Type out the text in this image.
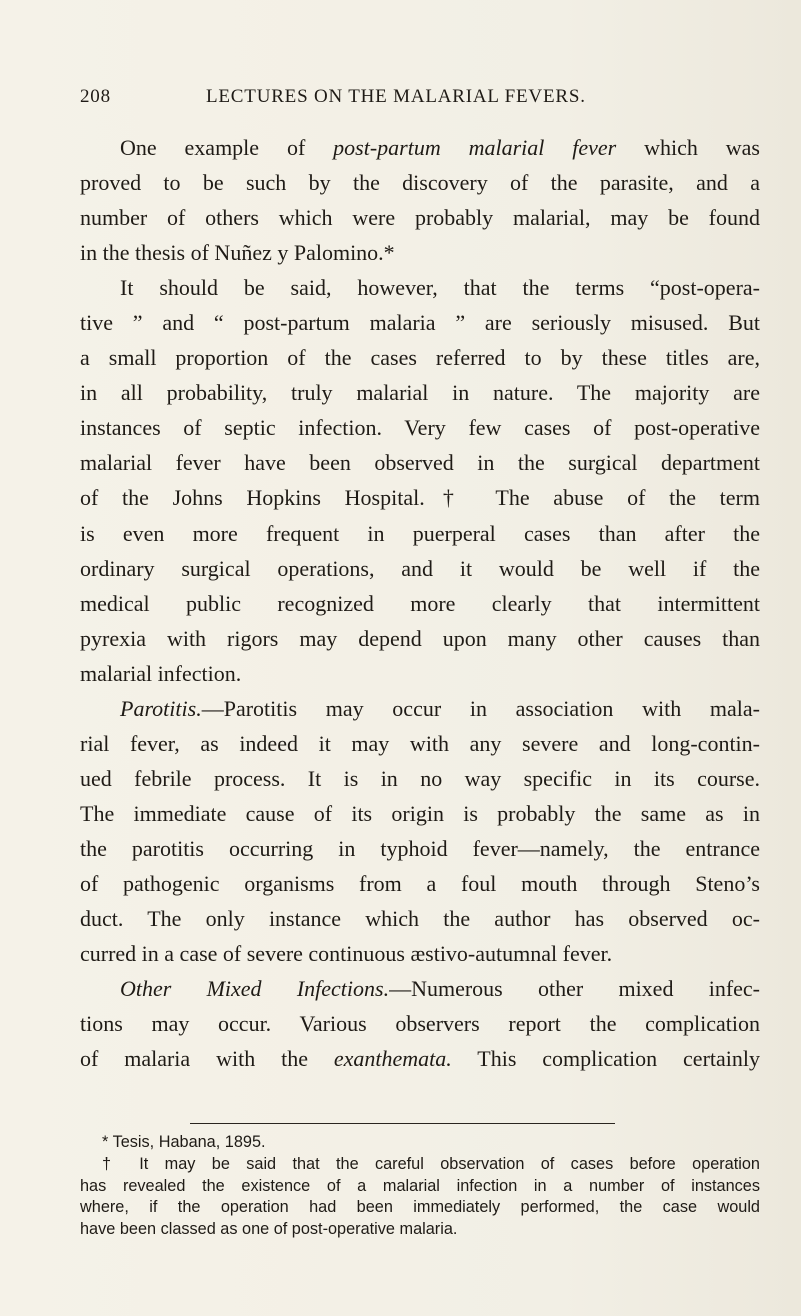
208	LECTURES ON THE MALARIAL FEVERS.
One example of post-partum malarial fever which was
proved to be such by the discovery of the parasite, and a
number of others which were probably malarial, may be found
in the thesis of Nuñez y Palomino.*
It should be said, however, that the terms “post-opera-
tive ” and “ post-partum malaria ” are seriously misused. But
a small proportion of the cases referred to by these titles are,
in all probability, truly malarial in nature. The majority are
instances of septic infection. Very few cases of post-operative
malarial fever have been observed in the surgical department
of the Johns Hopkins Hospital.† The abuse of the term
is even more frequent in puerperal cases than after the
ordinary surgical operations, and it would be well if the
medical public recognized more clearly that intermittent
pyrexia with rigors may depend upon many other causes than
malarial infection.
Parotitis.—Parotitis may occur in association with mala-
rial fever, as indeed it may with any severe and long-contin-
ued febrile process. It is in no way specific in its course.
The immediate cause of its origin is probably the same as in
the parotitis occurring in typhoid fever—namely, the entrance
of pathogenic organisms from a foul mouth through Steno’s
duct. The only instance which the author has observed oc-
curred in a case of severe continuous æstivo-autumnal fever.
Other Mixed Infections.—Numerous other mixed infec-
tions may occur. Various observers report the complication
of malaria with the exanthemata. This complication certainly
* Tesis, Habana, 1895.
† It may be said that the careful observation of cases before operation
has revealed the existence of a malarial infection in a number of instances
where, if the operation had been immediately performed, the case would
have been classed as one of post-operative malaria.
